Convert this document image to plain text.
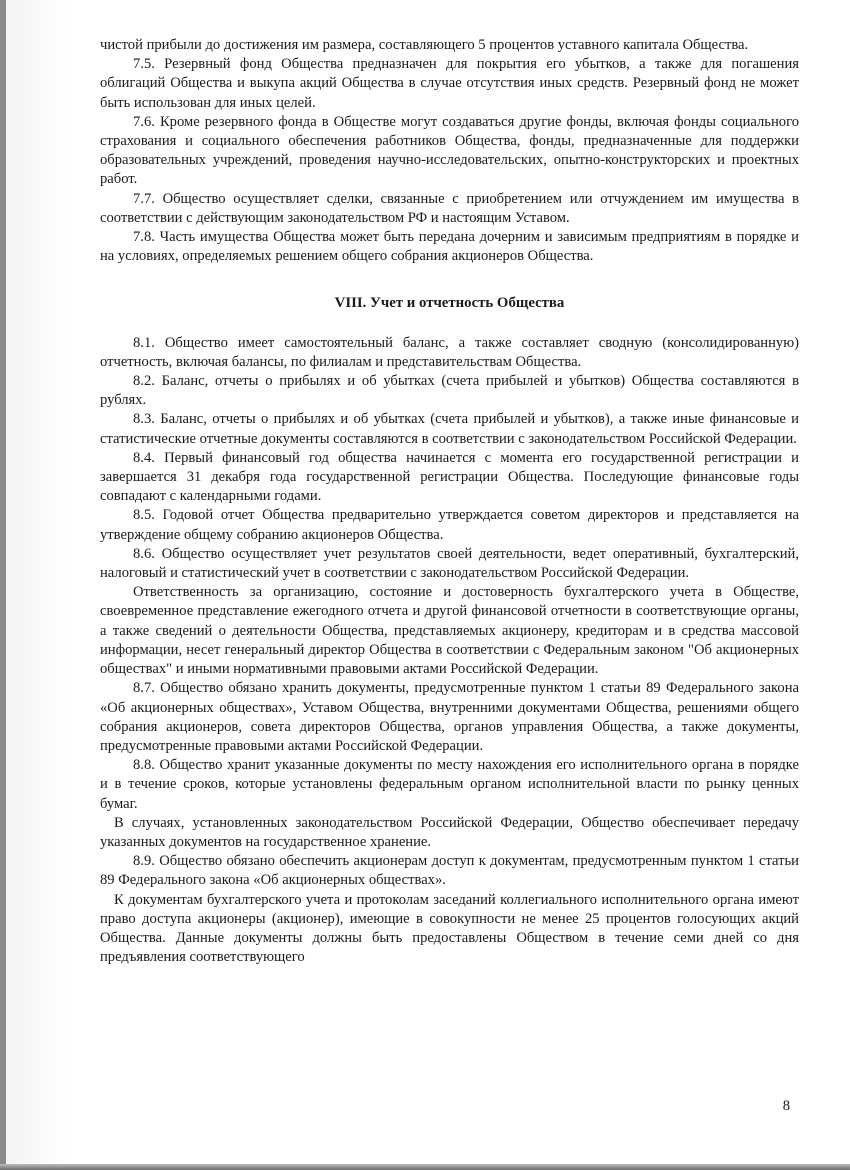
чистой прибыли до достижения им размера, составляющего 5 процентов уставного капитала Общества.

7.5. Резервный фонд Общества предназначен для покрытия его убытков, а также для погашения облигаций Общества и выкупа акций Общества в случае отсутствия иных средств. Резервный фонд не может быть использован для иных целей.

7.6. Кроме резервного фонда в Обществе могут создаваться другие фонды, включая фонды социального страхования и социального обеспечения работников Общества, фонды, предназначенные для поддержки образовательных учреждений, проведения научно-исследовательских, опытно-конструкторских и проектных работ.

7.7. Общество осуществляет сделки, связанные с приобретением или отчуждением им имущества в соответствии с действующим законодательством РФ и настоящим Уставом.

7.8. Часть имущества Общества может быть передана дочерним и зависимым предприятиям в порядке и на условиях, определяемых решением общего собрания акционеров Общества.

VIII. Учет и отчетность Общества

8.1. Общество имеет самостоятельный баланс, а также составляет сводную (консолидированную) отчетность, включая балансы, по филиалам и представительствам Общества.

8.2. Баланс, отчеты о прибылях и об убытках (счета прибылей и убытков) Общества составляются в рублях.

8.3. Баланс, отчеты о прибылях и об убытках (счета прибылей и убытков), а также иные финансовые и статистические отчетные документы составляются в соответствии с законодательством Российской Федерации.

8.4. Первый финансовый год общества начинается с момента его государственной регистрации и завершается 31 декабря года государственной регистрации Общества. Последующие финансовые годы совпадают с календарными годами.

8.5. Годовой отчет Общества предварительно утверждается советом директоров и представляется на утверждение общему собранию акционеров Общества.

8.6. Общество осуществляет учет результатов своей деятельности, ведет оперативный, бухгалтерский, налоговый и статистический учет в соответствии с законодательством Российской Федерации.

Ответственность за организацию, состояние и достоверность бухгалтерского учета в Обществе, своевременное представление ежегодного отчета и другой финансовой отчетности в соответствующие органы, а также сведений о деятельности Общества, представляемых акционеру, кредиторам и в средства массовой информации, несет генеральный директор Общества в соответствии с Федеральным законом "Об акционерных обществах" и иными нормативными правовыми актами Российской Федерации.

8.7. Общество обязано хранить документы, предусмотренные пунктом 1 статьи 89 Федерального закона «Об акционерных обществах», Уставом Общества, внутренними документами Общества, решениями общего собрания акционеров, совета директоров Общества, органов управления Общества, а также документы, предусмотренные правовыми актами Российской Федерации.

8.8. Общество хранит указанные документы по месту нахождения его исполнительного органа в порядке и в течение сроков, которые установлены федеральным органом исполнительной власти по рынку ценных бумаг.

В случаях, установленных законодательством Российской Федерации, Общество обеспечивает передачу указанных документов на государственное хранение.

8.9. Общество обязано обеспечить акционерам доступ к документам, предусмотренным пунктом 1 статьи 89 Федерального закона «Об акционерных обществах».

К документам бухгалтерского учета и протоколам заседаний коллегиального исполнительного органа имеют право доступа акционеры (акционер), имеющие в совокупности не менее 25 процентов голосующих акций Общества. Данные документы должны быть предоставлены Обществом в течение семи дней со дня предъявления соответствующего

8
